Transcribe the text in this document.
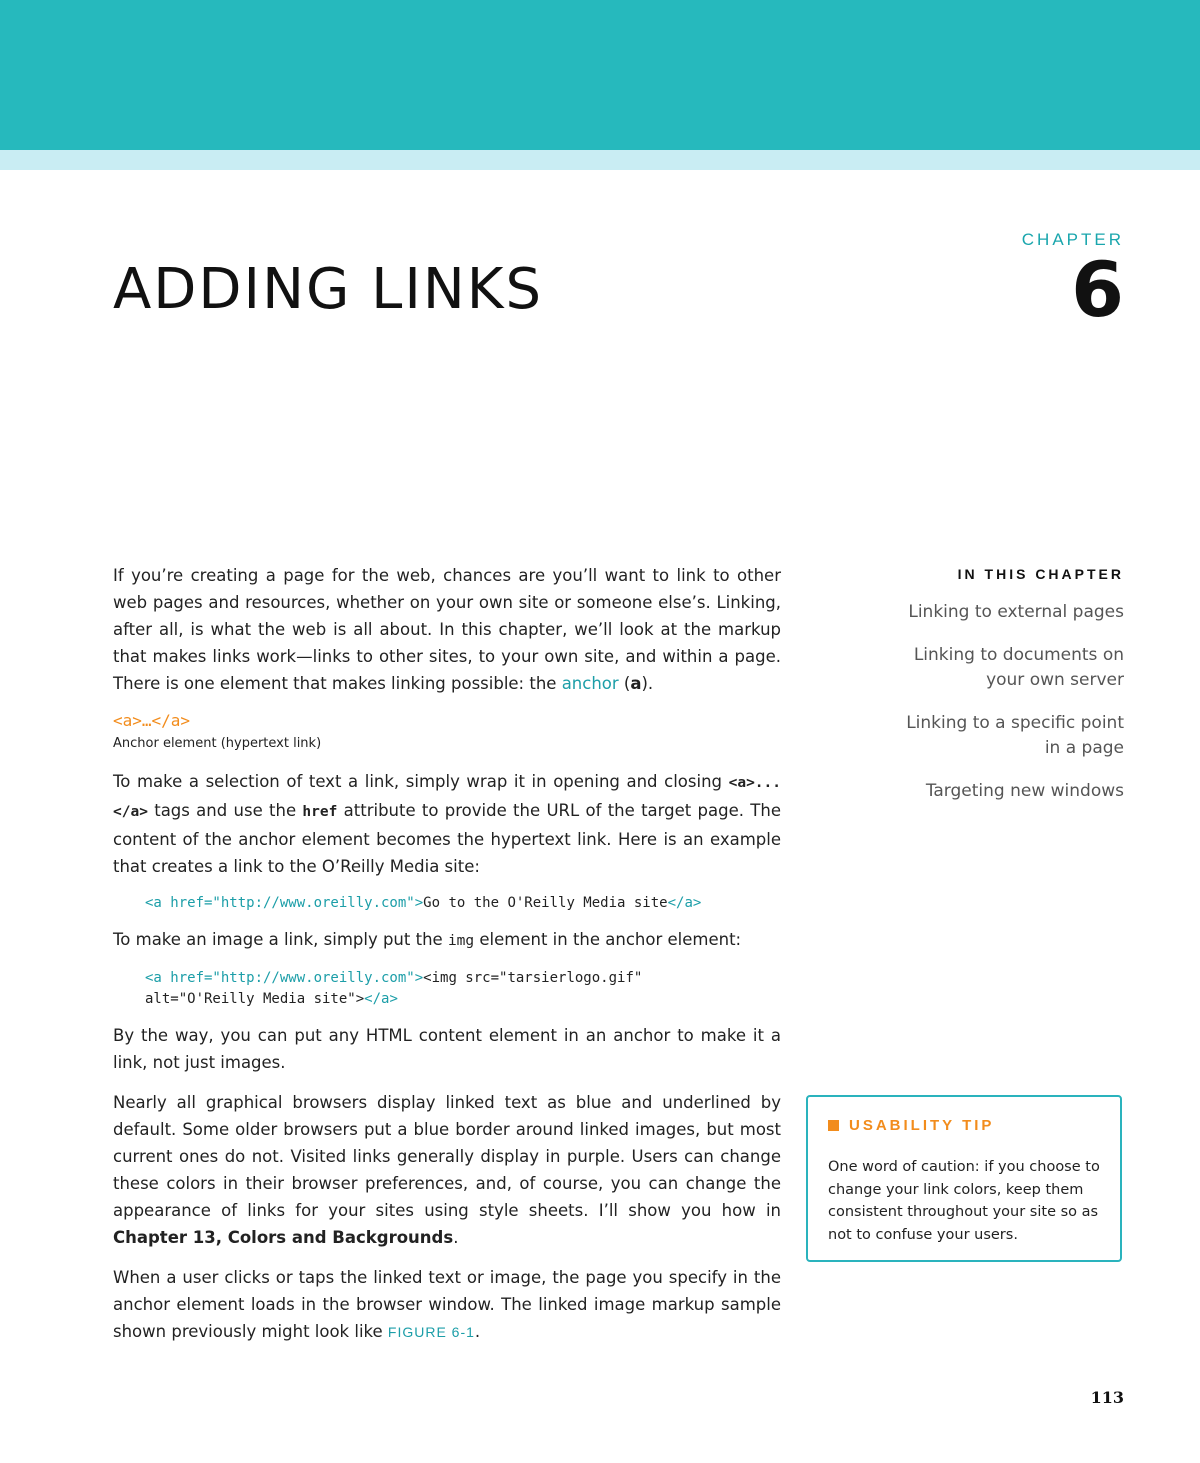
CHAPTER
6
ADDING LINKS

If you’re creating a page for the web, chances are you’ll want to link to other web pages and resources, whether on your own site or someone else’s. Linking, after all, is what the web is all about. In this chapter, we’ll look at the markup that makes links work—links to other sites, to your own site, and within a page. There is one element that makes linking possible: the anchor (a).

<a>…</a>
Anchor element (hypertext link)

To make a selection of text a link, simply wrap it in opening and closing <a>...</a> tags and use the href attribute to provide the URL of the target page. The content of the anchor element becomes the hypertext link. Here is an example that creates a link to the O’Reilly Media site:

<a href="http://www.oreilly.com">Go to the O'Reilly Media site</a>

To make an image a link, simply put the img element in the anchor element:

<a href="http://www.oreilly.com"><img src="tarsierlogo.gif"
alt="O'Reilly Media site"></a>

By the way, you can put any HTML content element in an anchor to make it a link, not just images.

Nearly all graphical browsers display linked text as blue and underlined by default. Some older browsers put a blue border around linked images, but most current ones do not. Visited links generally display in purple. Users can change these colors in their browser preferences, and, of course, you can change the appearance of links for your sites using style sheets. I’ll show you how in Chapter 13, Colors and Backgrounds.

When a user clicks or taps the linked text or image, the page you specify in the anchor element loads in the browser window. The linked image markup sample shown previously might look like FIGURE 6-1.

IN THIS CHAPTER
Linking to external pages
Linking to documents on
your own server
Linking to a specific point
in a page
Targeting new windows
USABILITY TIP
One word of caution: if you choose to change your link colors, keep them consistent throughout your site so as not to confuse your users.
113
